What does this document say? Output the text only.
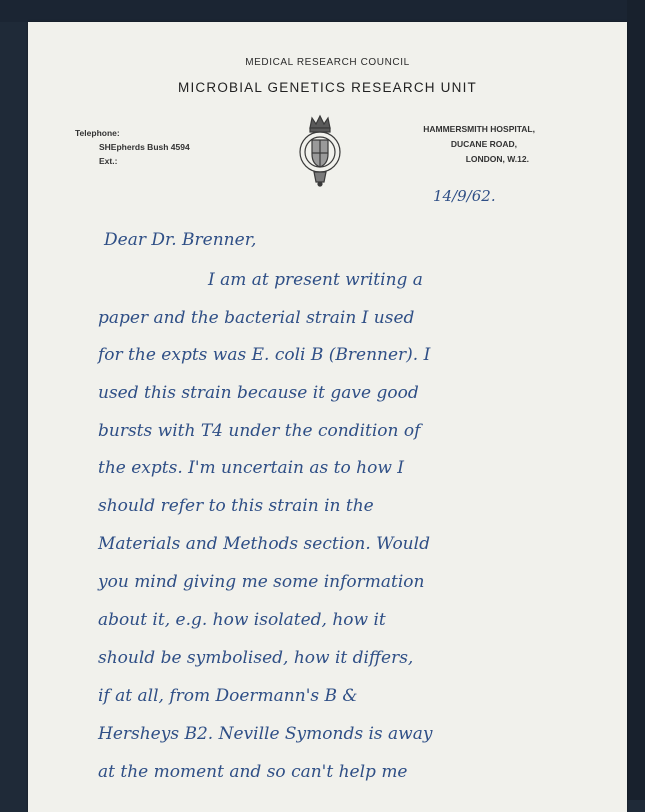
MEDICAL RESEARCH COUNCIL
MICROBIAL GENETICS RESEARCH UNIT
Telephone:
SHEpherds Bush 4594
Ext.:
HAMMERSMITH HOSPITAL,
DUCANE ROAD,
LONDON, W.12.
14/9/62.
Dear Dr. Brenner,
I am at present writing a
paper and the bacterial strain I used
for the expts was E. coli B (Brenner). I
used this strain because it gave good
bursts with T4 under the condition of
the expts. I'm uncertain as to how I
should refer to this strain in the
Materials and Methods section. Would
you mind giving me some information
about it, e.g. how isolated, how it
should be symbolised, how it differs,
if at all, from Doermann's B &
Hersheys B2. Neville Symonds is away
at the moment and so can't help me
